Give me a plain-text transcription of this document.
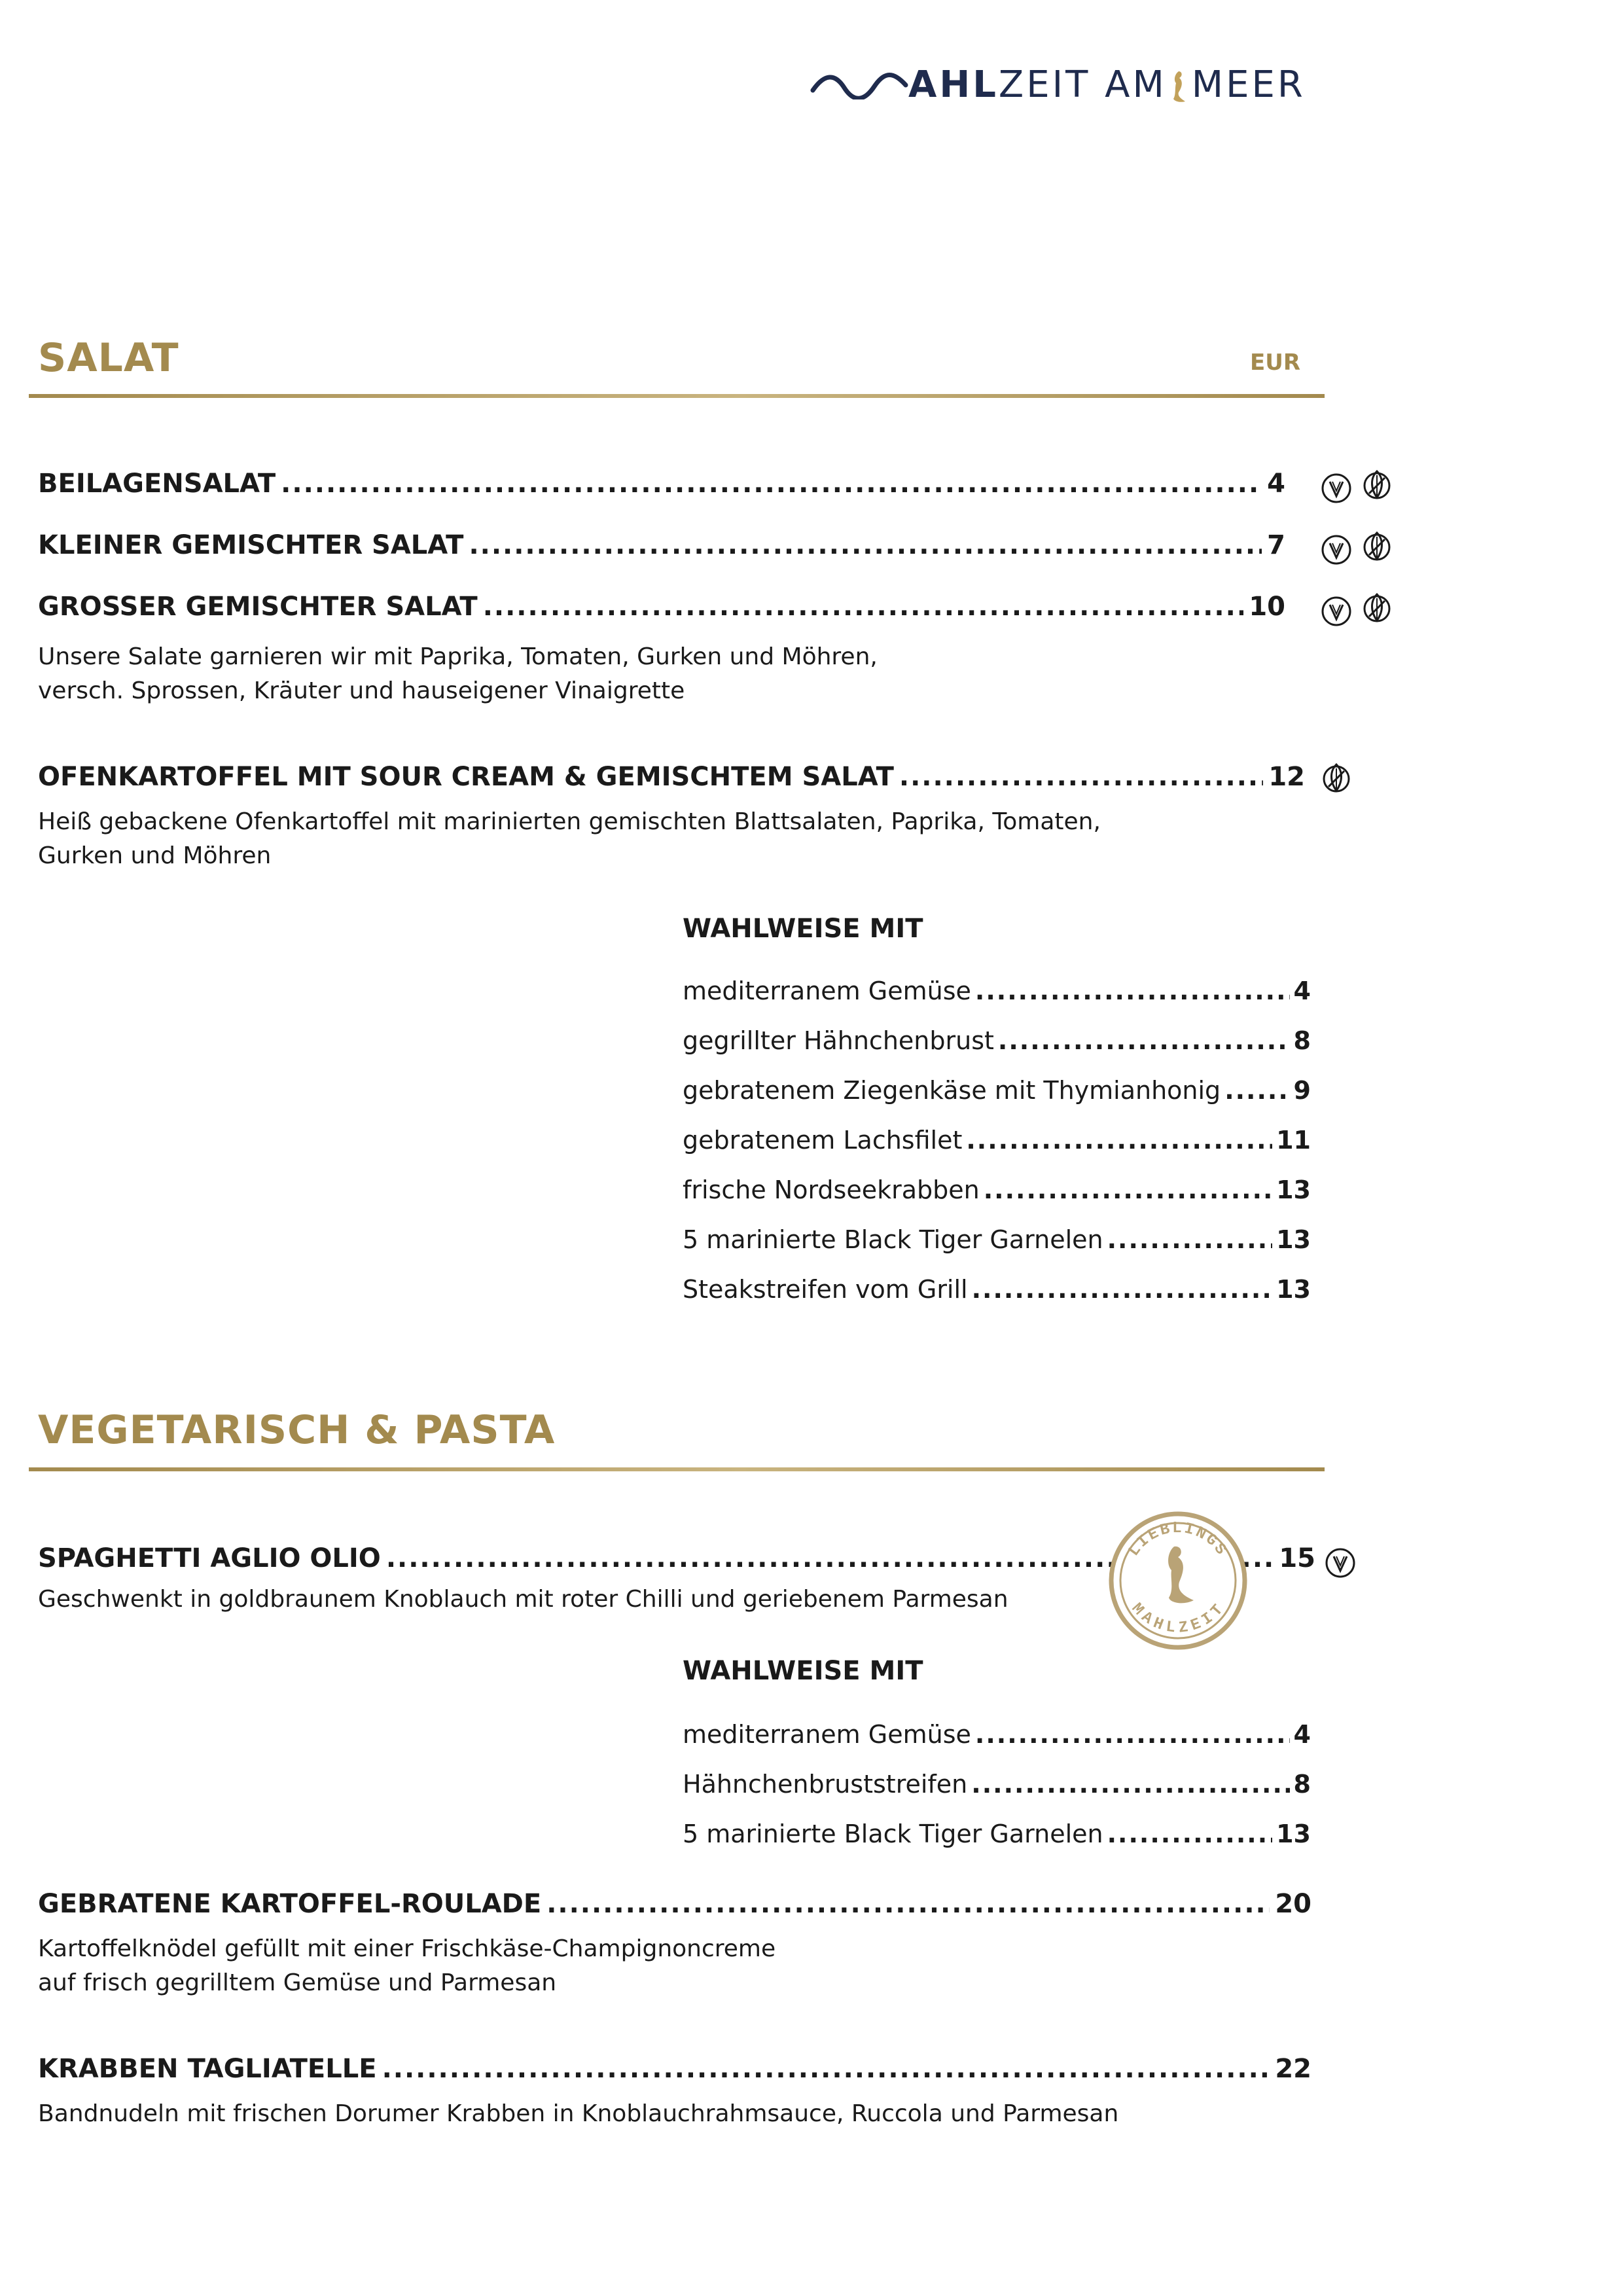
AHLZEIT AM MEER
SALAT	EUR
BEILAGENSALAT .....	4
KLEINER GEMISCHTER SALAT .....	7
GROSSER GEMISCHTER SALAT .....	10
Unsere Salate garnieren wir mit Paprika, Tomaten, Gurken und Möhren,
versch. Sprossen, Kräuter und hauseigener Vinaigrette
OFENKARTOFFEL MIT SOUR CREAM & GEMISCHTEM SALAT .....	12
Heiß gebackene Ofenkartoffel mit marinierten gemischten Blattsalaten, Paprika, Tomaten,
Gurken und Möhren
WAHLWEISE MIT
mediterranem Gemüse .....	4
gegrillter Hähnchenbrust .....	8
gebratenem Ziegenkäse mit Thymianhonig .....	9
gebratenem Lachsfilet .....	11
frische Nordseekrabben .....	13
5 marinierte Black Tiger Garnelen .....	13
Steakstreifen vom Grill .....	13
VEGETARISCH & PASTA
SPAGHETTI AGLIO OLIO .....	15
LIEBLINGS
MAHLZEIT
Geschwenkt in goldbraunem Knoblauch mit roter Chilli und geriebenem Parmesan
WAHLWEISE MIT
mediterranem Gemüse .....	4
Hähnchenbruststreifen .....	8
5 marinierte Black Tiger Garnelen .....	13
GEBRATENE KARTOFFEL-ROULADE .....	20
Kartoffelknödel gefüllt mit einer Frischkäse-Champignoncreme
auf frisch gegrilltem Gemüse und Parmesan
KRABBEN TAGLIATELLE .....	22
Bandnudeln mit frischen Dorumer Krabben in Knoblauchrahmsauce, Ruccola und Parmesan
